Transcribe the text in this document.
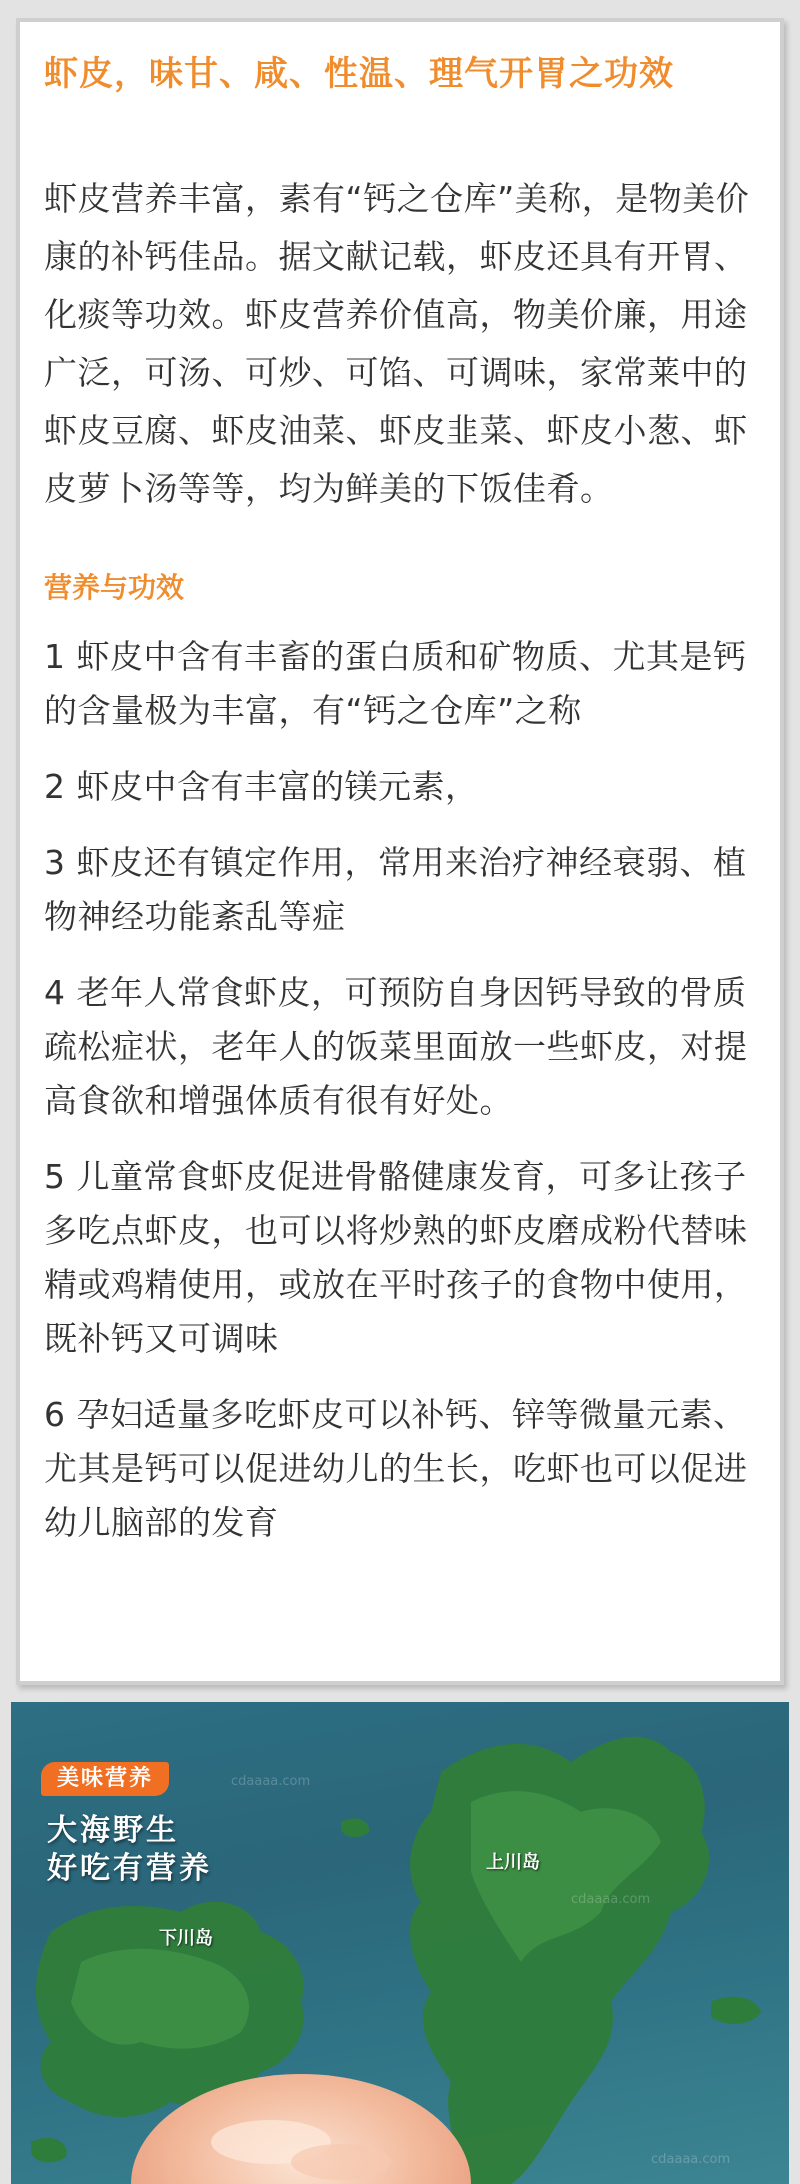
虾皮，味甘、咸、性温、理气开胃之功效

虾皮营养丰富，素有“钙之仓库”美称，是物美价康的补钙佳品。据文献记载，虾皮还具有开胃、化痰等功效。虾皮营养价值高，物美价廉，用途广泛，可汤、可炒、可馅、可调味，家常莱中的虾皮豆腐、虾皮油菜、虾皮韭菜、虾皮小葱、虾皮萝卜汤等等，均为鲜美的下饭佳肴。

营养与功效
1 虾皮中含有丰畜的蛋白质和矿物质、尤其是钙的含量极为丰富，有“钙之仓库”之称
2 虾皮中含有丰富的镁元素，
3 虾皮还有镇定作用，常用来治疗神经衰弱、植物神经功能紊乱等症
4 老年人常食虾皮，可预防自身因钙导致的骨质疏松症状，老年人的饭菜里面放一些虾皮，对提高食欲和增强体质有很有好处。
5 儿童常食虾皮促进骨骼健康发育，可多让孩子多吃点虾皮，也可以将炒熟的虾皮磨成粉代替味精或鸡精使用，或放在平时孩子的食物中使用，既补钙又可调味
6 孕妇适量多吃虾皮可以补钙、锌等微量元素、尤其是钙可以促进幼儿的生长，吃虾也可以促进幼儿脑部的发育
cdaaaa.com
cdaaaa.com
cdaaaa.com
美味营养
大海野生
好吃有营养	上川岛
下川岛
